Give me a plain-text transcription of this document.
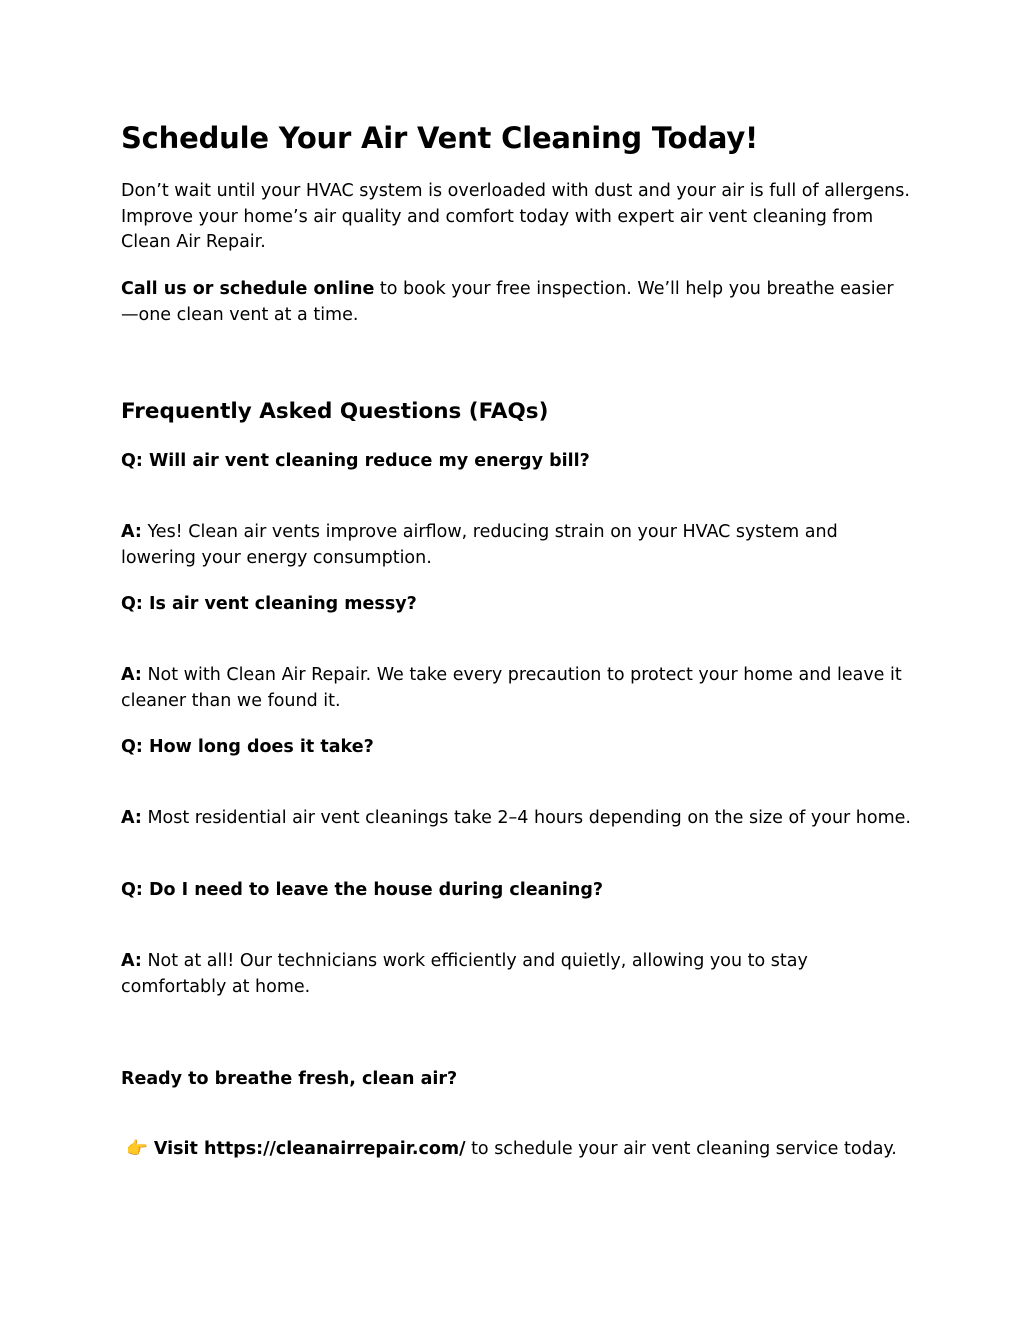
Schedule Your Air Vent Cleaning Today!

Don’t wait until your HVAC system is overloaded with dust and your air is full of allergens. Improve your home’s air quality and comfort today with expert air vent cleaning from Clean Air Repair.

Call us or schedule online to book your free inspection. We’ll help you breathe easier—one clean vent at a time.

Frequently Asked Questions (FAQs)
Q: Will air vent cleaning reduce my energy bill?

A: Yes! Clean air vents improve airflow, reducing strain on your HVAC system and lowering your energy consumption.

Q: Is air vent cleaning messy?

A: Not with Clean Air Repair. We take every precaution to protect your home and leave it cleaner than we found it.

Q: How long does it take?

A: Most residential air vent cleanings take 2–4 hours depending on the size of your home.

Q: Do I need to leave the house during cleaning?

A: Not at all! Our technicians work efficiently and quietly, allowing you to stay comfortably at home.

Ready to breathe fresh, clean air?

👉 Visit https://cleanairrepair.com/ to schedule your air vent cleaning service today.
